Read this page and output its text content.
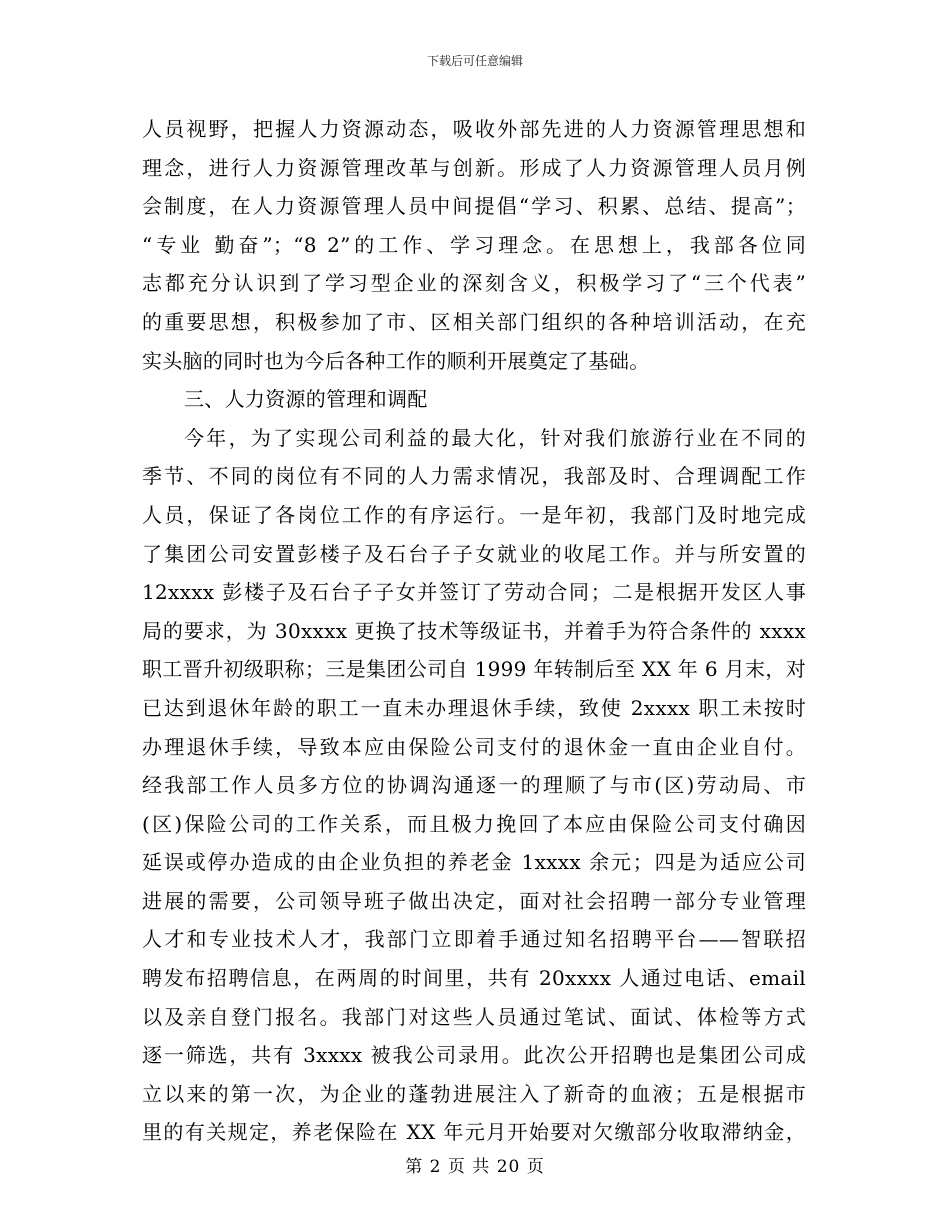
下载后可任意编辑
人员视野，把握人力资源动态，吸收外部先进的人力资源管理思想和
理念，进行人力资源管理改革与创新。形成了人力资源管理人员月例
会制度，在人力资源管理人员中间提倡“学习、积累、总结、提高”；
“专业 勤奋”；“8 2”的工作、学习理念。在思想上，我部各位同
志都充分认识到了学习型企业的深刻含义，积极学习了“三个代表”
的重要思想，积极参加了市、区相关部门组织的各种培训活动，在充
实头脑的同时也为今后各种工作的顺利开展奠定了基础。
三、人力资源的管理和调配
今年，为了实现公司利益的最大化，针对我们旅游行业在不同的
季节、不同的岗位有不同的人力需求情况，我部及时、合理调配工作
人员，保证了各岗位工作的有序运行。一是年初，我部门及时地完成
了集团公司安置彭楼子及石台子子女就业的收尾工作。并与所安置的
12xxxx 彭楼子及石台子子女并签订了劳动合同；二是根据开发区人事
局的要求，为 30xxxx 更换了技术等级证书，并着手为符合条件的 xxxx
职工晋升初级职称；三是集团公司自 1999 年转制后至 XX 年 6 月末，对
已达到退休年龄的职工一直未办理退休手续，致使 2xxxx 职工未按时
办理退休手续，导致本应由保险公司支付的退休金一直由企业自付。
经我部工作人员多方位的协调沟通逐一的理顺了与市(区)劳动局、市
(区)保险公司的工作关系，而且极力挽回了本应由保险公司支付确因
延误或停办造成的由企业负担的养老金 1xxxx 余元；四是为适应公司
进展的需要，公司领导班子做出决定，面对社会招聘一部分专业管理
人才和专业技术人才，我部门立即着手通过知名招聘平台——智联招
聘发布招聘信息，在两周的时间里，共有 20xxxx 人通过电话、email
以及亲自登门报名。我部门对这些人员通过笔试、面试、体检等方式
逐一筛选，共有 3xxxx 被我公司录用。此次公开招聘也是集团公司成
立以来的第一次，为企业的蓬勃进展注入了新奇的血液；五是根据市
里的有关规定，养老保险在 XX 年元月开始要对欠缴部分收取滞纳金，
第 2 页 共 20 页
